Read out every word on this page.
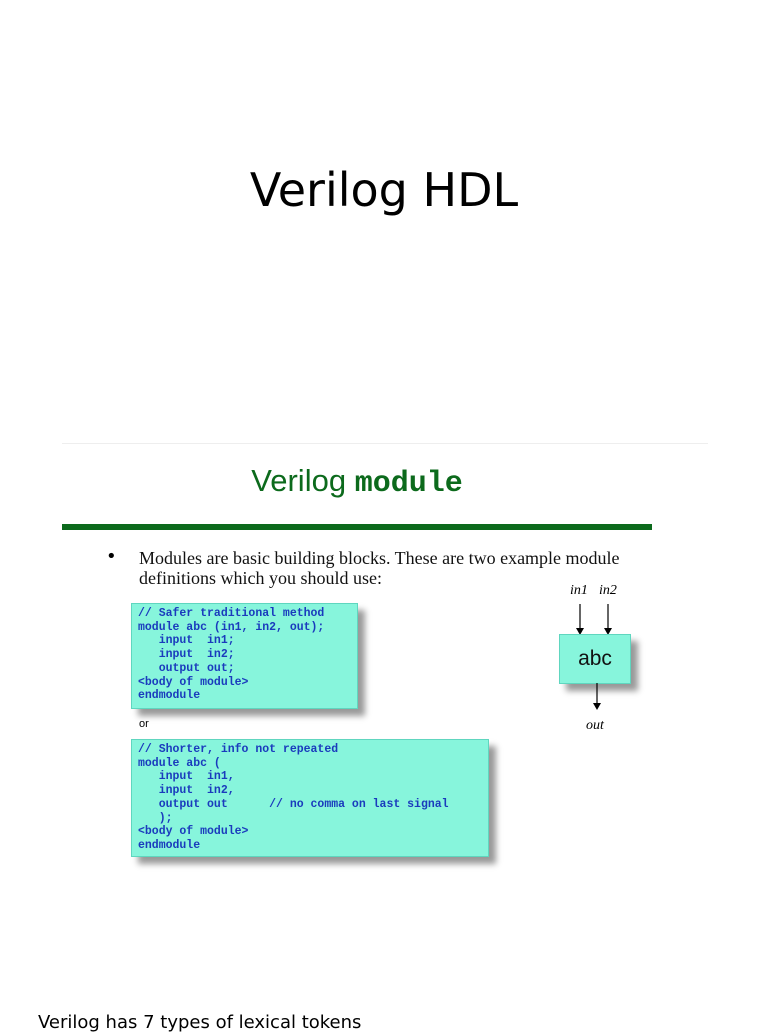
Verilog HDL
Verilog module
• Modules are basic building blocks. These are two example module definitions which you should use:
// Safer traditional method
module abc (in1, in2, out);
input  in1;
input  in2;
output out;
<body of module>
endmodule
or
// Shorter, info not repeated
module abc (
input  in1,
input  in2,
output out      // no comma on last signal
);
<body of module>
endmodule
in1 in2
abc
out
Verilog has 7 types of lexical tokens
